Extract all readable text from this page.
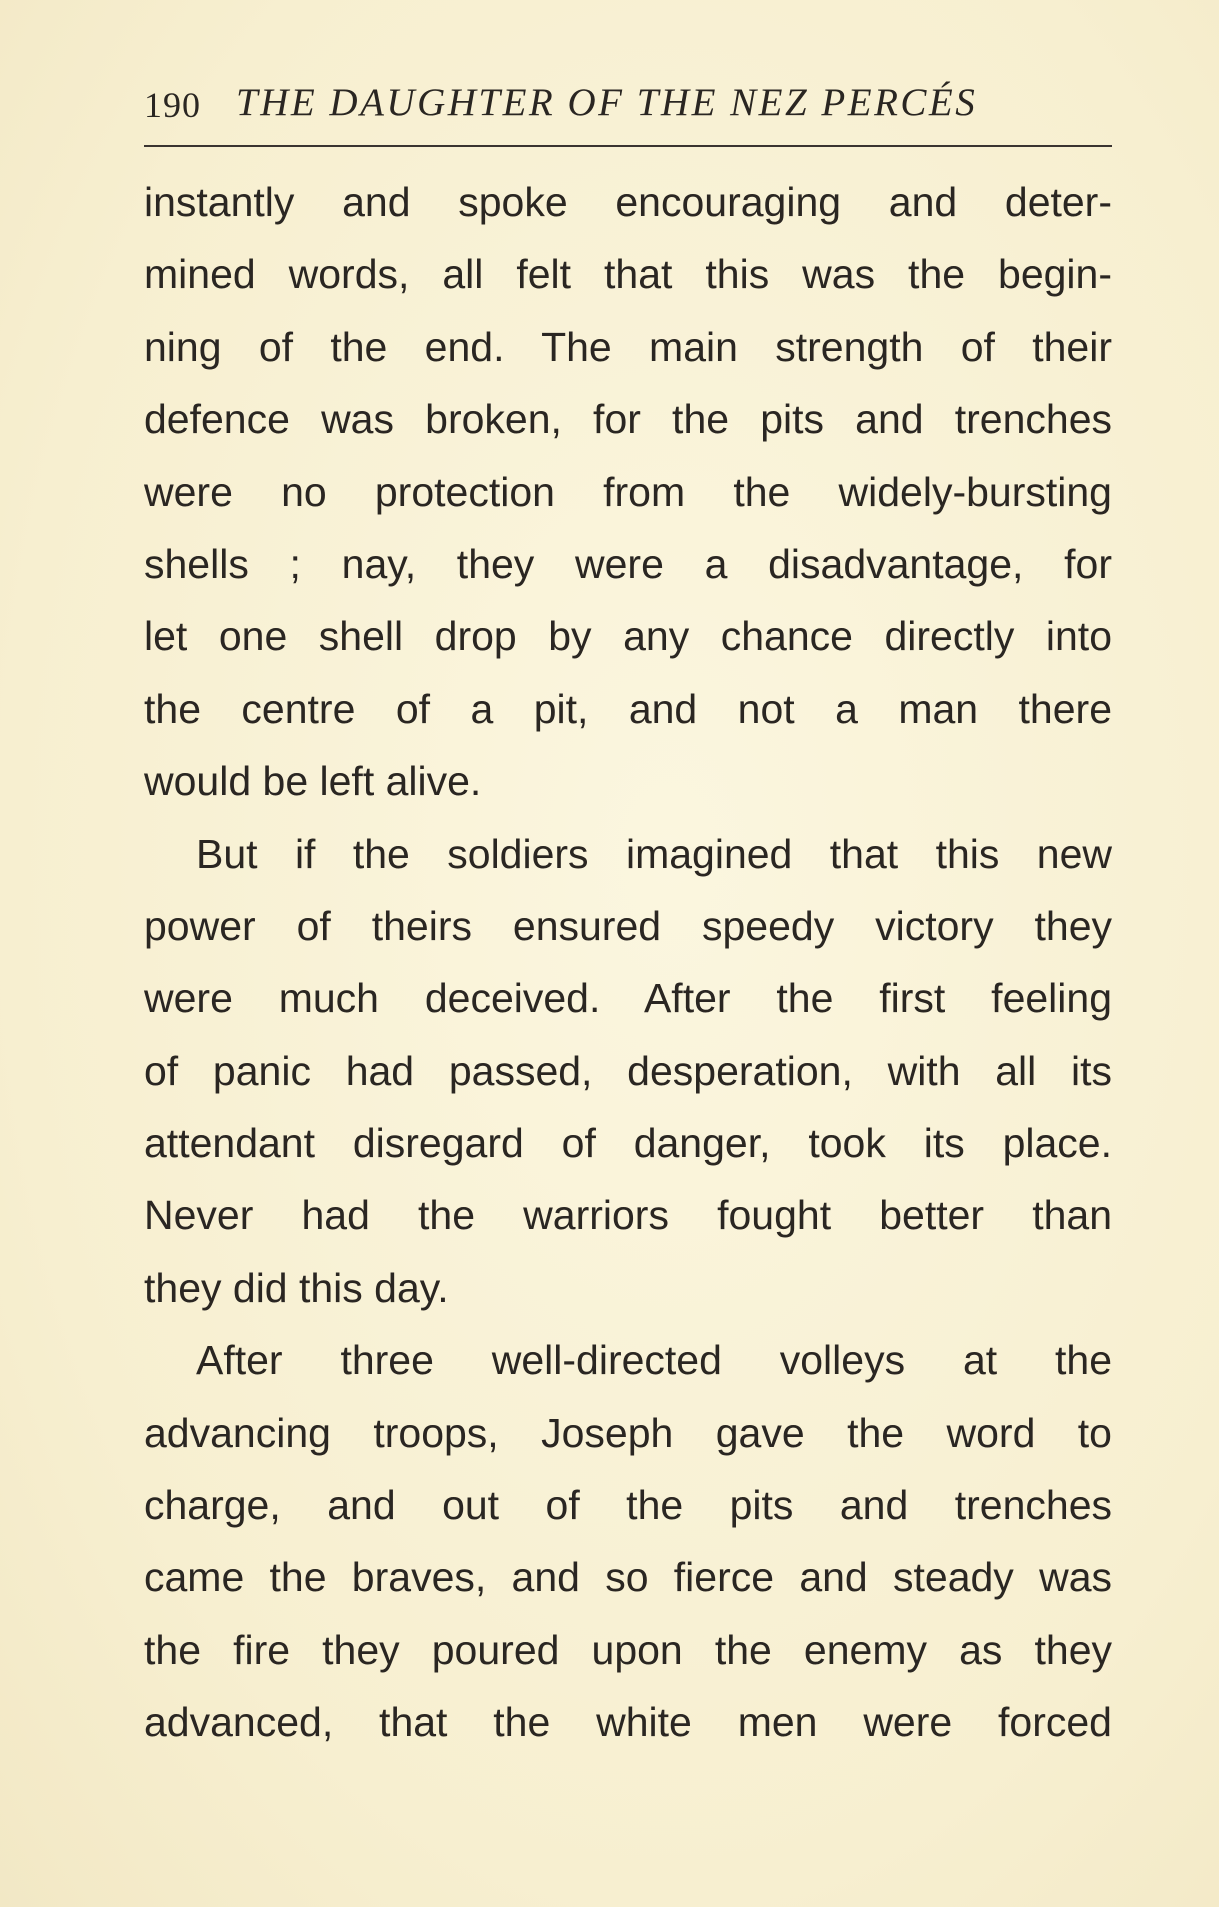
190 THE DAUGHTER OF THE NEZ PERCÉS
instantly and spoke encouraging and deter-
mined words, all felt that this was the begin-
ning of the end. The main strength of their
defence was broken, for the pits and trenches
were no protection from the widely-bursting
shells ; nay, they were a disadvantage, for
let one shell drop by any chance directly into
the centre of a pit, and not a man there
would be left alive.
But if the soldiers imagined that this new
power of theirs ensured speedy victory they
were much deceived. After the first feeling
of panic had passed, desperation, with all its
attendant disregard of danger, took its place.
Never had the warriors fought better than
they did this day.
After three well-directed volleys at the
advancing troops, Joseph gave the word to
charge, and out of the pits and trenches
came the braves, and so fierce and steady was
the fire they poured upon the enemy as they
advanced, that the white men were forced
